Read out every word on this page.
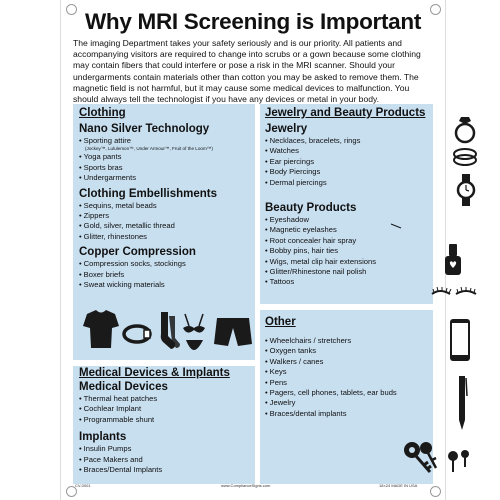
Why MRI Screening is Important
The imaging Department takes your safety seriously and is our priority. All patients and accompanying visitors are required to change into scrubs or a gown because some clothing may contain fibers that could interfere or pose a risk in the MRI scanner. Should your undergarments contain materials other than cotton you may be asked to remove them. The magnetic field is not harmful, but it may cause some medical devices to malfunction. You should always tell the technologist if you have any devices or metal in your body.
Clothing
Nano Silver Technology
• Sporting attire
(Jockey™, Lululemon™, Under Armour™, Fruit of the Loom™)
• Yoga pants
• Sports bras
• Undergarments
Clothing Embellishments
• Sequins, metal beads
• Zippers
• Gold, silver, metallic thread
• Glitter, rhinestones
Copper Compression
• Compression socks, stockings
• Boxer briefs
• Sweat wicking materials
Jewelry and Beauty Products
Jewelry
• Necklaces, bracelets, rings
• Watches
• Ear piercings
• Body Piercings
• Dermal piercings
Beauty Products
• Eyeshadow
• Magnetic eyelashes
• Root concealer hair spray
• Bobby pins, hair ties
• Wigs, metal clip hair extensions
• Glitter/Rhinestone nail polish
• Tattoos
Other
• Wheelchairs / stretchers
• Oxygen tanks
• Walkers / canes
• Keys
• Pens
• Pagers, cell phones, tablets, ear buds
• Jewelry
• Braces/dental implants
Medical Devices & Implants
Medical Devices
• Thermal heat patches
• Cochlear Implant
• Programmable shunt
Implants
• Insulin Pumps
• Pace Makers and
• Braces/Dental Implants
CV-0001	www.ComplianceSigns.com	18×24 MADE IN USA
